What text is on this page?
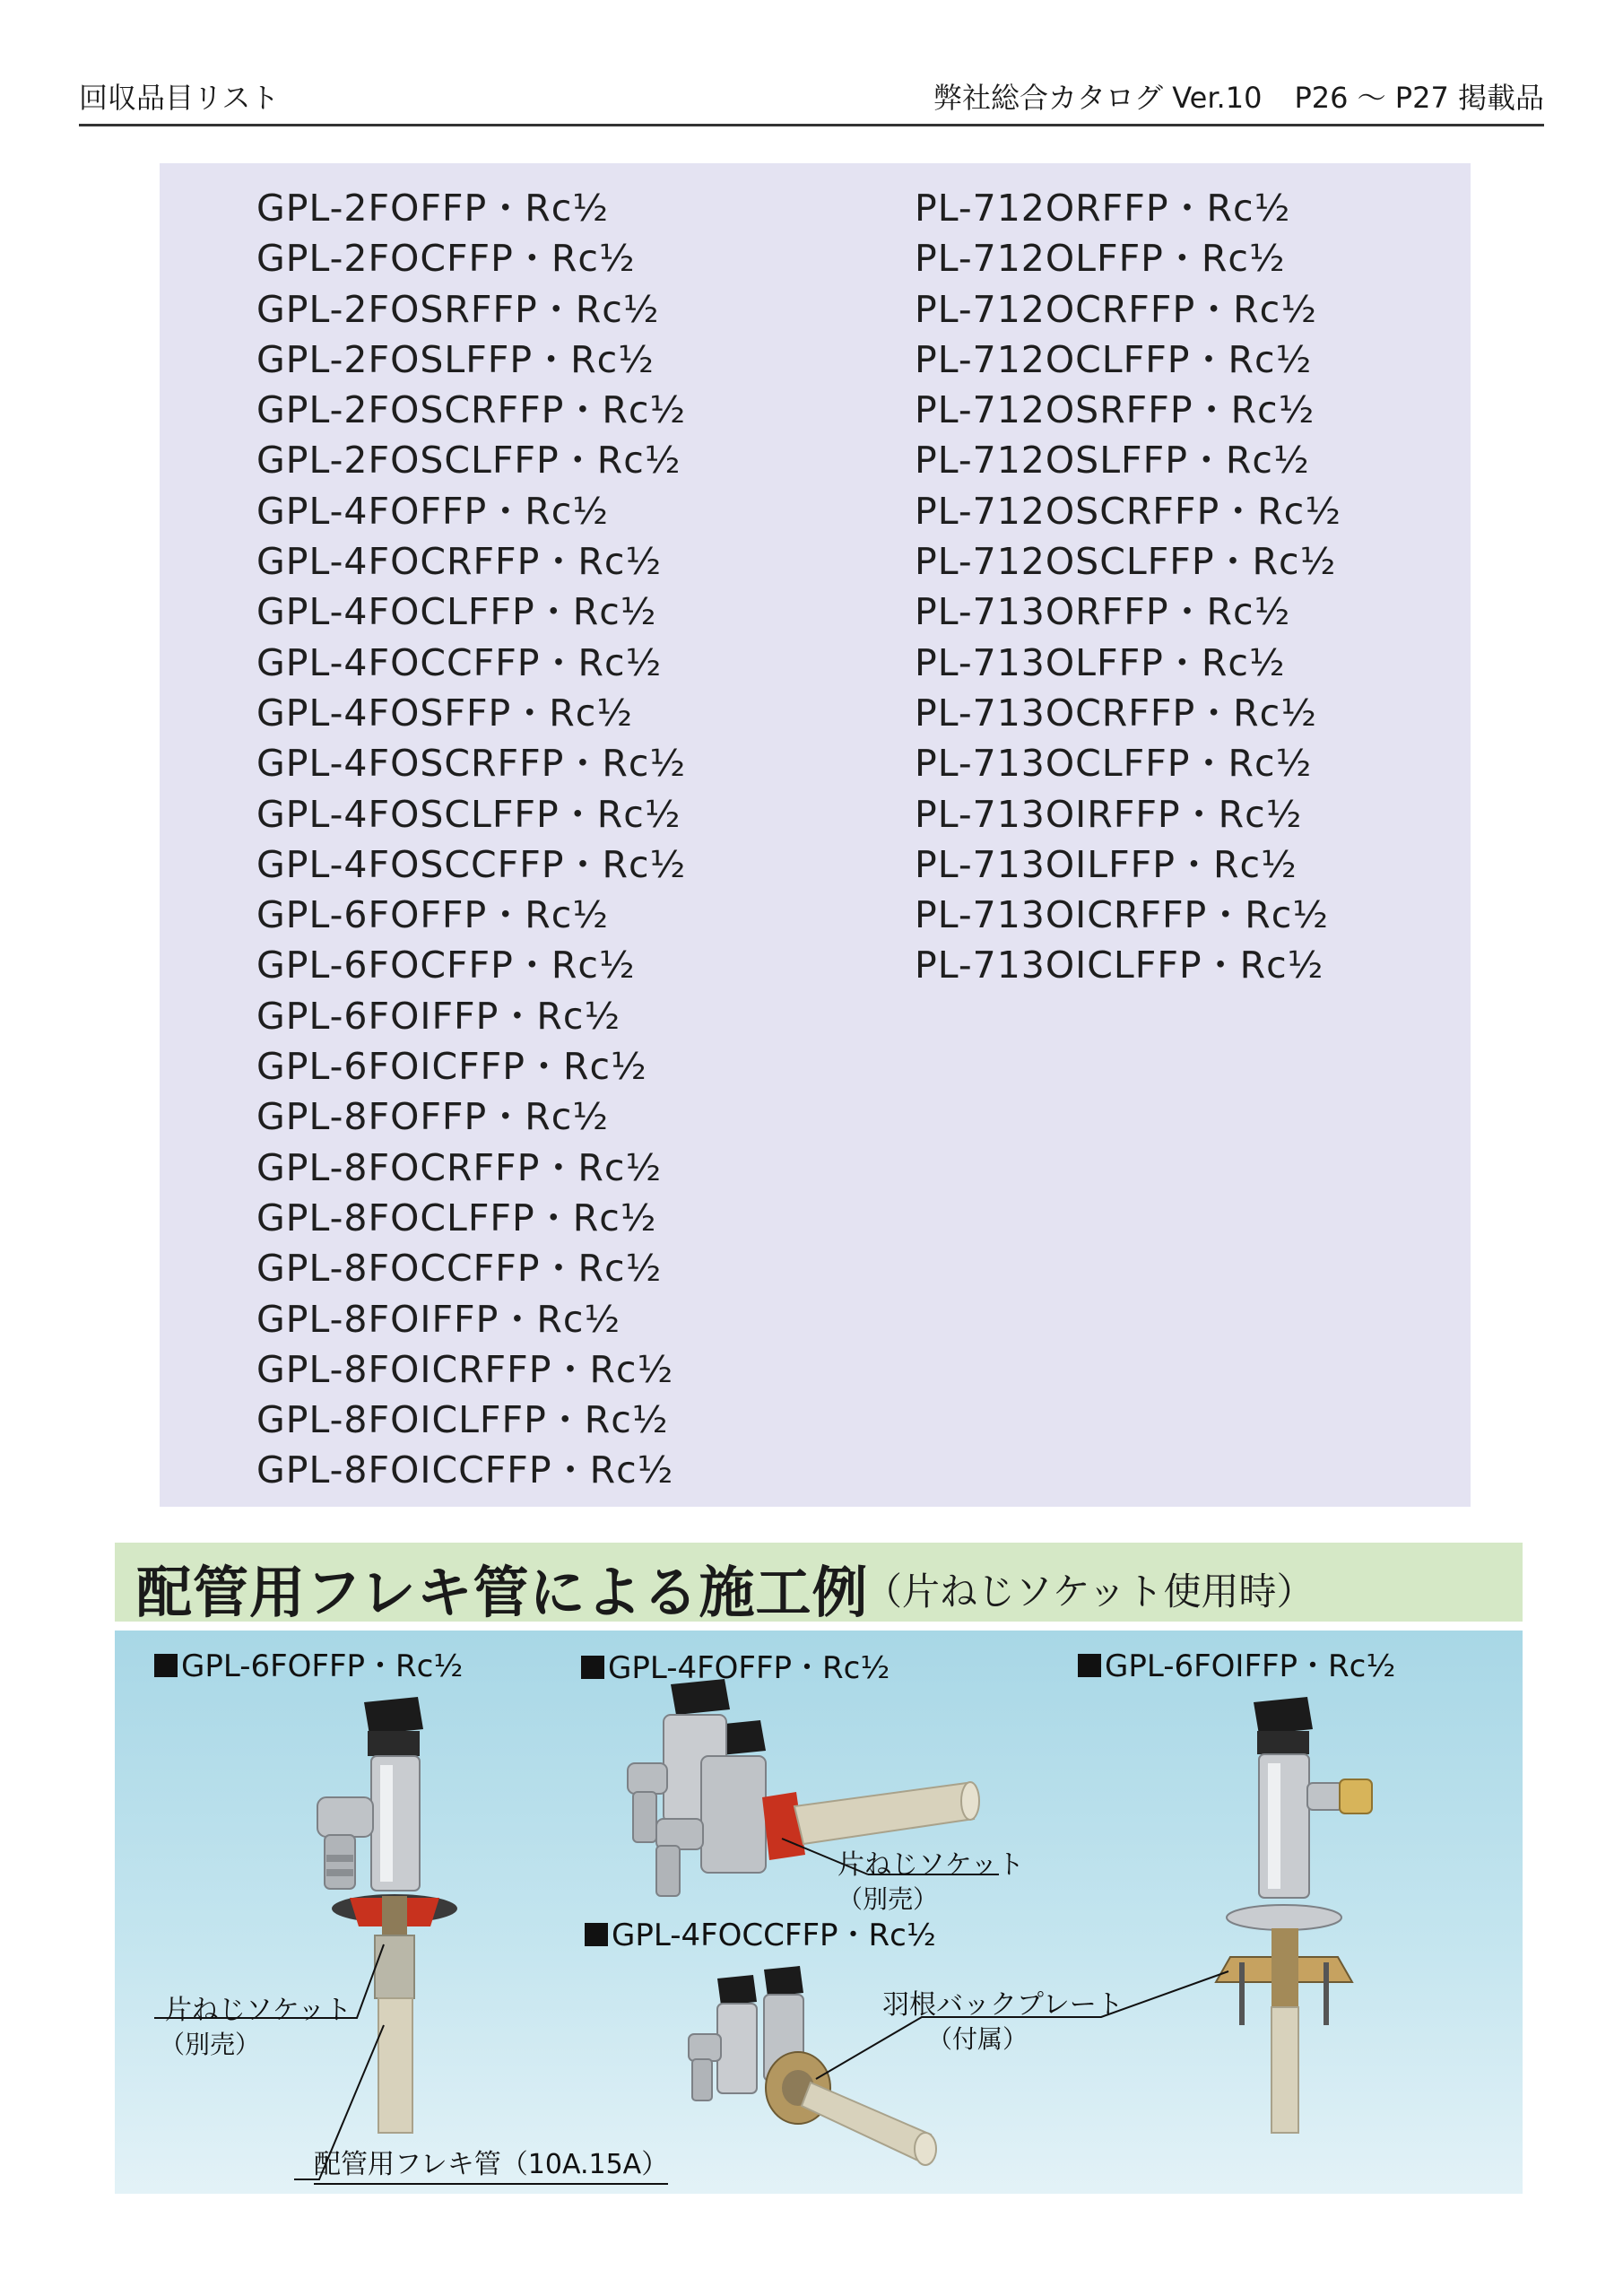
回収品目リスト	弊社総合カタログ Ver.10 P26 ～ P27 掲載品
GPL-2FOFFP・Rc½
GPL-2FOCFFP・Rc½
GPL-2FOSRFFP・Rc½
GPL-2FOSLFFP・Rc½
GPL-2FOSCRFFP・Rc½
GPL-2FOSCLFFP・Rc½
GPL-4FOFFP・Rc½
GPL-4FOCRFFP・Rc½
GPL-4FOCLFFP・Rc½
GPL-4FOCCFFP・Rc½
GPL-4FOSFFP・Rc½
GPL-4FOSCRFFP・Rc½
GPL-4FOSCLFFP・Rc½
GPL-4FOSCCFFP・Rc½
GPL-6FOFFP・Rc½
GPL-6FOCFFP・Rc½
GPL-6FOIFFP・Rc½
GPL-6FOICFFP・Rc½
GPL-8FOFFP・Rc½
GPL-8FOCRFFP・Rc½
GPL-8FOCLFFP・Rc½
GPL-8FOCCFFP・Rc½
GPL-8FOIFFP・Rc½
GPL-8FOICRFFP・Rc½
GPL-8FOICLFFP・Rc½
GPL-8FOICCFFP・Rc½
PL-712ORFFP・Rc½
PL-712OLFFP・Rc½
PL-712OCRFFP・Rc½
PL-712OCLFFP・Rc½
PL-712OSRFFP・Rc½
PL-712OSLFFP・Rc½
PL-712OSCRFFP・Rc½
PL-712OSCLFFP・Rc½
PL-713ORFFP・Rc½
PL-713OLFFP・Rc½
PL-713OCRFFP・Rc½
PL-713OCLFFP・Rc½
PL-713OIRFFP・Rc½
PL-713OILFFP・Rc½
PL-713OICRFFP・Rc½
PL-713OICLFFP・Rc½
配管用フレキ管による施工例
（片ねじソケット使用時）
GPL-6FOFFP・Rc½	GPL-4FOFFP・Rc½	GPL-6FOIFFP・Rc½
GPL-4FOCCFFP・Rc½
片ねじソケット
（別売）
片ねじソケット
（別売）
羽根バックプレート
（付属）
配管用フレキ管（10A.15A）
